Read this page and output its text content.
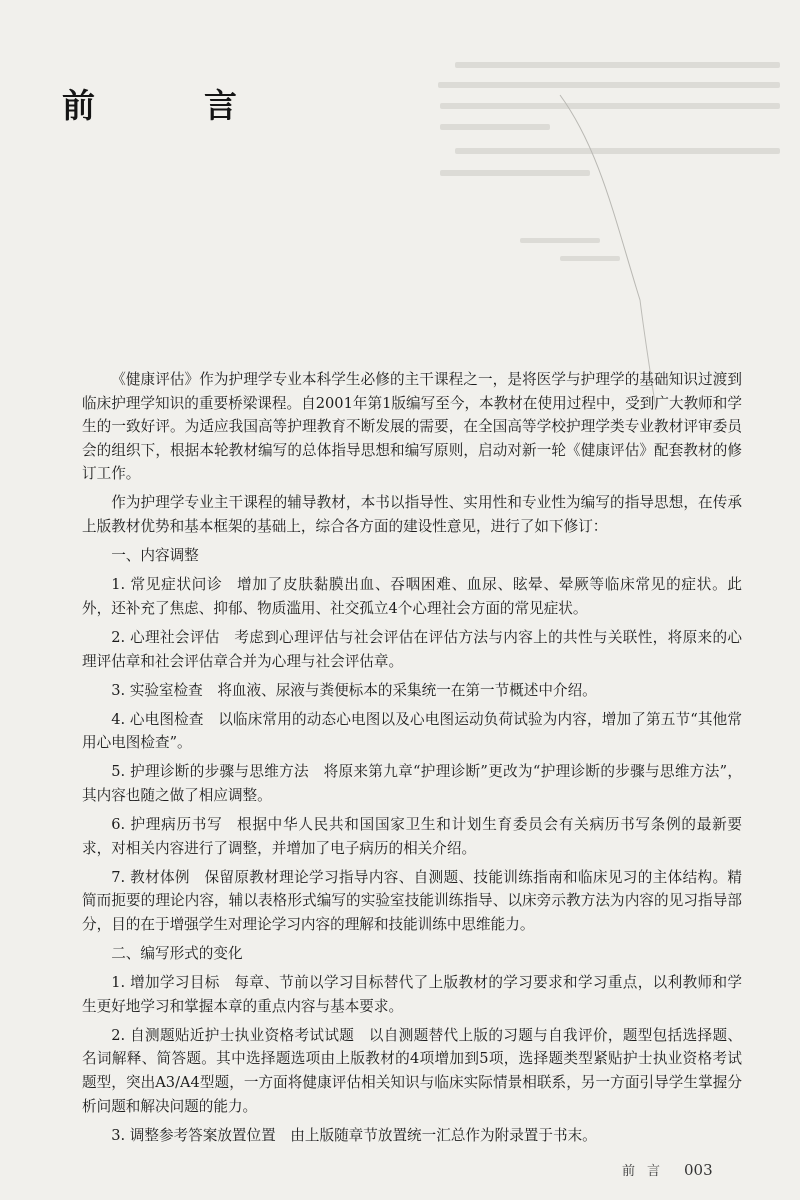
前　言

《健康评估》作为护理学专业本科学生必修的主干课程之一，是将医学与护理学的基础知识过渡到临床护理学知识的重要桥梁课程。自2001年第1版编写至今，本教材在使用过程中，受到广大教师和学生的一致好评。为适应我国高等护理教育不断发展的需要，在全国高等学校护理学类专业教材评审委员会的组织下，根据本轮教材编写的总体指导思想和编写原则，启动对新一轮《健康评估》配套教材的修订工作。

作为护理学专业主干课程的辅导教材，本书以指导性、实用性和专业性为编写的指导思想，在传承上版教材优势和基本框架的基础上，综合各方面的建设性意见，进行了如下修订：

一、内容调整

1. 常见症状问诊 增加了皮肤黏膜出血、吞咽困难、血尿、眩晕、晕厥等临床常见的症状。此外，还补充了焦虑、抑郁、物质滥用、社交孤立4个心理社会方面的常见症状。

2. 心理社会评估 考虑到心理评估与社会评估在评估方法与内容上的共性与关联性，将原来的心理评估章和社会评估章合并为心理与社会评估章。

3. 实验室检查 将血液、尿液与粪便标本的采集统一在第一节概述中介绍。

4. 心电图检查 以临床常用的动态心电图以及心电图运动负荷试验为内容，增加了第五节“其他常用心电图检查”。

5. 护理诊断的步骤与思维方法 将原来第九章“护理诊断”更改为“护理诊断的步骤与思维方法”，其内容也随之做了相应调整。

6. 护理病历书写 根据中华人民共和国国家卫生和计划生育委员会有关病历书写条例的最新要求，对相关内容进行了调整，并增加了电子病历的相关介绍。

7. 教材体例 保留原教材理论学习指导内容、自测题、技能训练指南和临床见习的主体结构。精简而扼要的理论内容，辅以表格形式编写的实验室技能训练指导、以床旁示教方法为内容的见习指导部分，目的在于增强学生对理论学习内容的理解和技能训练中思维能力。

二、编写形式的变化

1. 增加学习目标 每章、节前以学习目标替代了上版教材的学习要求和学习重点，以利教师和学生更好地学习和掌握本章的重点内容与基本要求。

2. 自测题贴近护士执业资格考试试题 以自测题替代上版的习题与自我评价，题型包括选择题、名词解释、简答题。其中选择题选项由上版教材的4项增加到5项，选择题类型紧贴护士执业资格考试题型，突出A3/A4型题，一方面将健康评估相关知识与临床实际情景相联系，另一方面引导学生掌握分析问题和解决问题的能力。

3. 调整参考答案放置位置 由上版随章节放置统一汇总作为附录置于书末。

前言 003
